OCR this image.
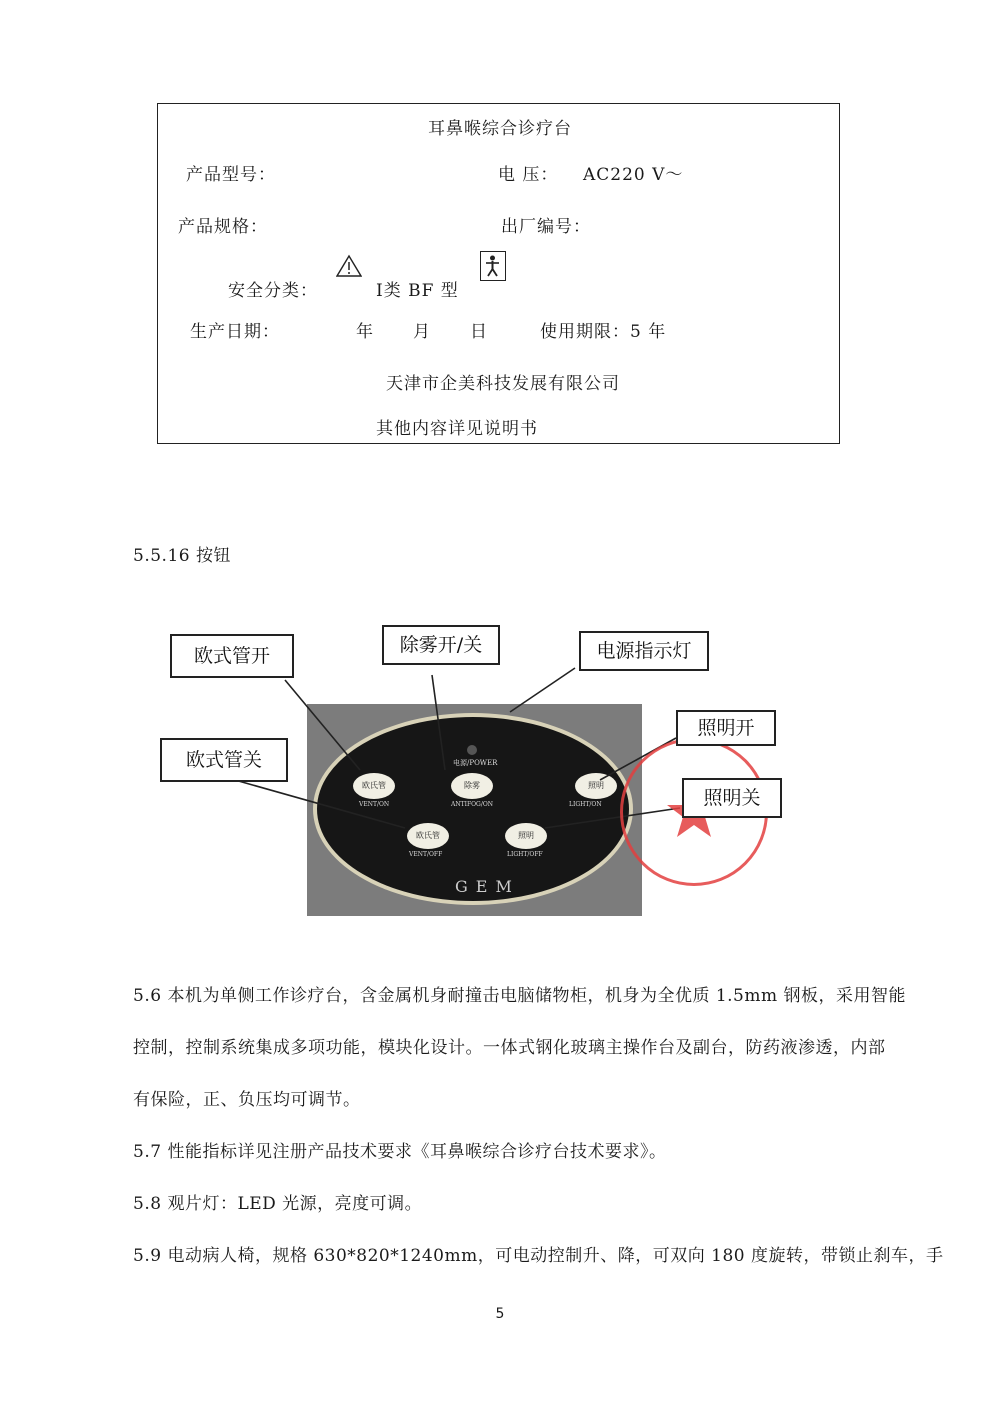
耳鼻喉综合诊疗台
产品型号：	电 压： AC220 V～
产品规格：	出厂编号：
安全分类：	Ⅰ类 BF 型
生产日期：	年 月 日	使用期限：5 年
天津市企美科技发展有限公司
其他内容详见说明书
5.5.16 按钮
电源/POWER
欧氏管
VENT/ON
除雾
ANTIFOG/ON
照明
LIGHT/ON
欧氏管
VENT/OFF
照明
LIGHT/OFF
GEM
欧式管开	除雾开/关	电源指示灯
照明开
欧式管关
照明关
5.6 本机为单侧工作诊疗台，含金属机身耐撞击电脑储物柜，机身为全优质 1.5mm 钢板，采用智能
控制，控制系统集成多项功能，模块化设计。一体式钢化玻璃主操作台及副台，防药液渗透，内部
有保险，正、负压均可调节。
5.7 性能指标详见注册产品技术要求《耳鼻喉综合诊疗台技术要求》。
5.8 观片灯：LED 光源，亮度可调。
5.9 电动病人椅，规格 630*820*1240mm，可电动控制升、降，可双向 180 度旋转，带锁止刹车，手
5
